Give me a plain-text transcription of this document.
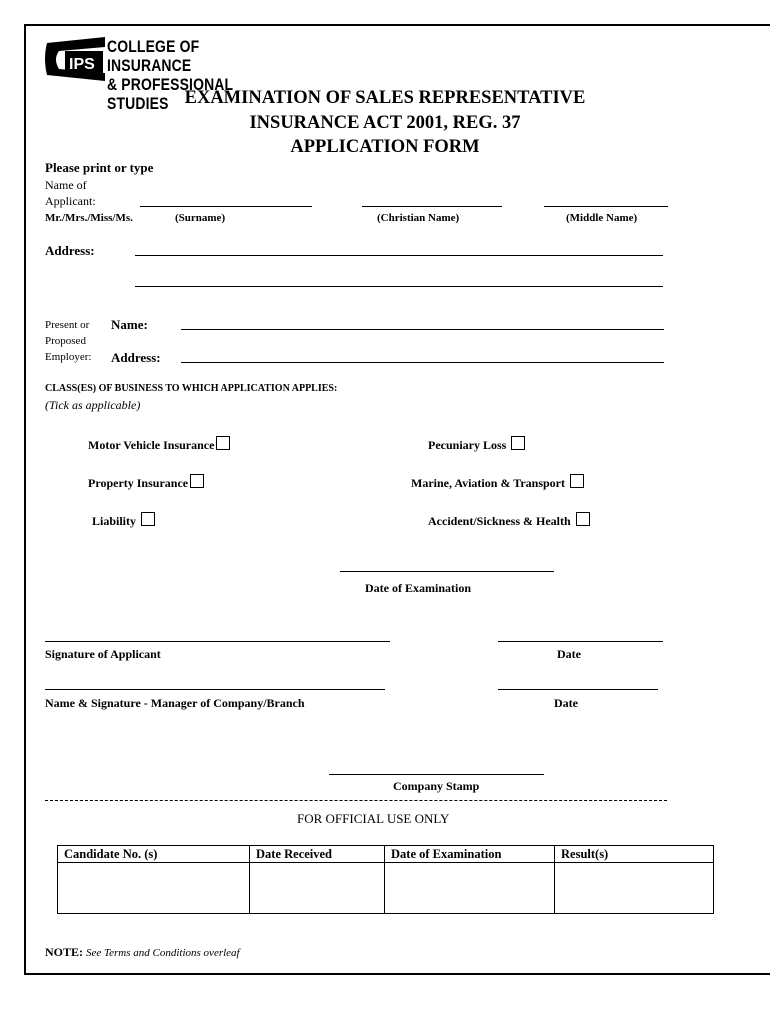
IPS
COLLEGE OF INSURANCE
& PROFESSIONAL STUDIES EXAMINATION OF SALES REPRESENTATIVE
INSURANCE ACT 2001, REG. 37
APPLICATION FORM
Please print or type
Name of
Applicant:
Mr./Mrs./Miss/Ms.	(Surname)	(Christian Name)	(Middle Name)
Address:
Present or
Proposed
Employer:
Name:
Address:
CLASS(ES) OF BUSINESS TO WHICH APPLICATION APPLIES:
(Tick as applicable)
Motor Vehicle Insurance	Pecuniary Loss
Property Insurance	Marine, Aviation & Transport
Liability	Accident/Sickness & Health
Date of Examination
Signature of Applicant	Date
Name & Signature - Manager of Company/Branch	Date
Company Stamp
FOR OFFICIAL USE ONLY
Candidate No. (s)	Date Received	Date of Examination	Result(s)

NOTE: See Terms and Conditions overleaf
